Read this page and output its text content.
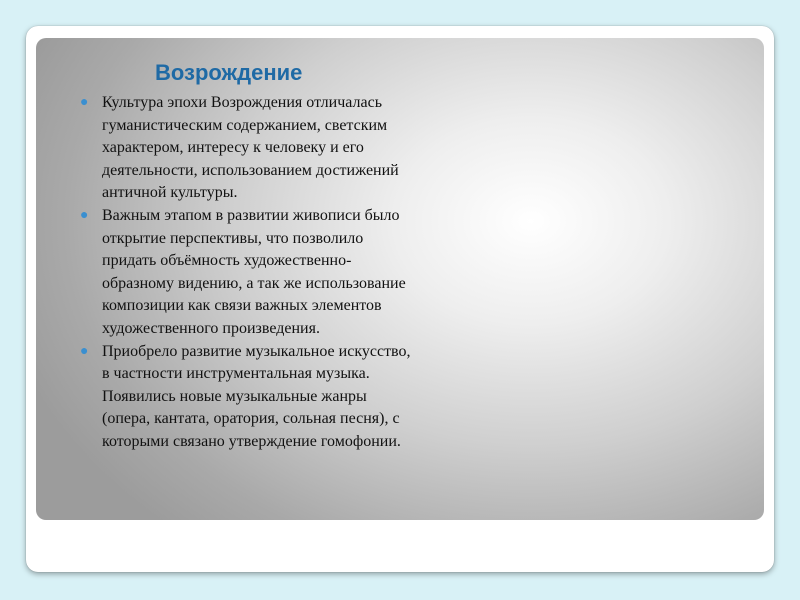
Возрождение
● Культура эпохи Возрождения отличалась
гуманистическим содержанием, светским
характером, интересу к человеку и его
деятельности, использованием достижений
античной культуры.
● Важным этапом в развитии живописи было
открытие перспективы, что позволило
придать объёмность художественно-
образному видению, а так же использование
композиции как связи важных элементов
художественного произведения.
● Приобрело развитие музыкальное искусство,
в частности инструментальная музыка.
Появились новые музыкальные жанры
(опера, кантата, оратория, сольная песня), с
которыми связано утверждение гомофонии.
